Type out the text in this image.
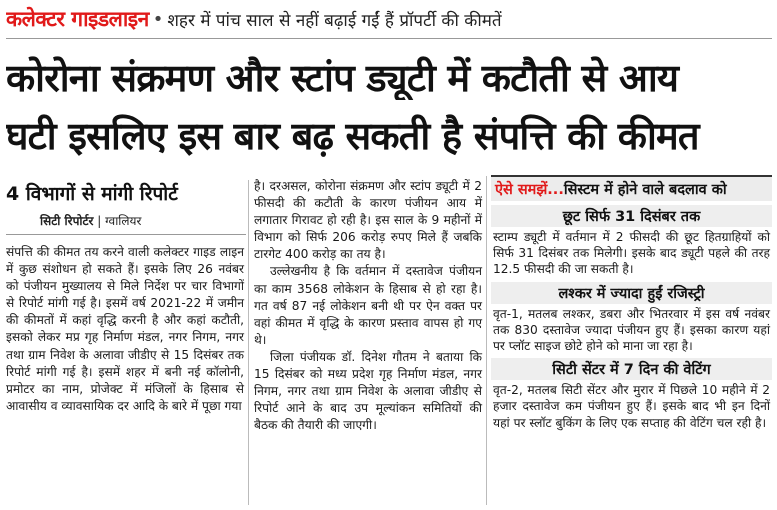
कलेक्टर गाइडलाइन • शहर में पांच साल से नहीं बढ़ाई गईं हैं प्रॉपर्टी की कीमतें
कोरोना संक्रमण और स्टांप ड्यूटी में कटौती से आय
घटी इसलिए इस बार बढ़ सकती है संपत्ति की कीमत
4 विभागों से मांगी रिपोर्ट
सिटी रिपोर्टर | ग्वालियर

संपत्ति की कीमत तय करने वाली कलेक्टर गाइड लाइन में कुछ संशोधन हो सकते हैं। इसके लिए 26 नवंबर को पंजीयन मुख्यालय से मिले निर्देश पर चार विभागों से रिपोर्ट मांगी गई है। इसमें वर्ष 2021-22 में जमीन की कीमतों में कहां वृद्धि करनी है और कहां कटौती, इसको लेकर मप्र गृह निर्माण मंडल, नगर निगम, नगर तथा ग्राम निवेश के अलावा जीडीए से 15 दिसंबर तक रिपोर्ट मांगी गई है। इसमें शहर में बनी नई कॉलोनी, प्रमोटर का नाम, प्रोजेक्ट में मंजिलों के हिसाब से आवासीय व व्यावसायिक दर आदि के बारे में पूछा गया

है। दरअसल, कोरोना संक्रमण और स्टांप ड्यूटी में 2 फीसदी की कटौती के कारण पंजीयन आय में लगातार गिरावट हो रही है। इस साल के 9 महीनों में विभाग को सिर्फ 206 करोड़ रुपए मिले हैं जबकि टारगेट 400 करोड़ का तय है।

उल्लेखनीय है कि वर्तमान में दस्तावेज पंजीयन का काम 3568 लोकेशन के हिसाब से हो रहा है। गत वर्ष 87 नई लोकेशन बनी थी पर ऐन वक्त पर वहां कीमत में वृद्धि के कारण प्रस्ताव वापस हो गए थे।

जिला पंजीयक डॉ. दिनेश गौतम ने बताया कि 15 दिसंबर को मध्य प्रदेश गृह निर्माण मंडल, नगर निगम, नगर तथा ग्राम निवेश के अलावा जीडीए से रिपोर्ट आने के बाद उप मूल्यांकन समितियों की बैठक की तैयारी की जाएगी।

ऐसे समझें...सिस्टम में होने वाले बदलाव को
छूट सिर्फ 31 दिसंबर तक

स्टाम्प ड्यूटी में वर्तमान में 2 फीसदी की छूट हितग्राहियों को सिर्फ 31 दिसंबर तक मिलेगी। इसके बाद ड्यूटी पहले की तरह 12.5 फीसदी की जा सकती है।

लश्कर में ज्यादा हुईं रजिस्ट्री

वृत-1, मतलब लश्कर, डबरा और भितरवार में इस वर्ष नवंबर तक 830 दस्तावेज ज्यादा पंजीयन हुए हैं। इसका कारण यहां पर प्लॉट साइज छोटे होने को माना जा रहा है।

सिटी सेंटर में 7 दिन की वेटिंग

वृत-2, मतलब सिटी सेंटर और मुरार में पिछले 10 महीने में 2 हजार दस्तावेज कम पंजीयन हुए हैं। इसके बाद भी इन दिनों यहां पर स्लॉट बुकिंग के लिए एक सप्ताह की वेटिंग चल रही है।
